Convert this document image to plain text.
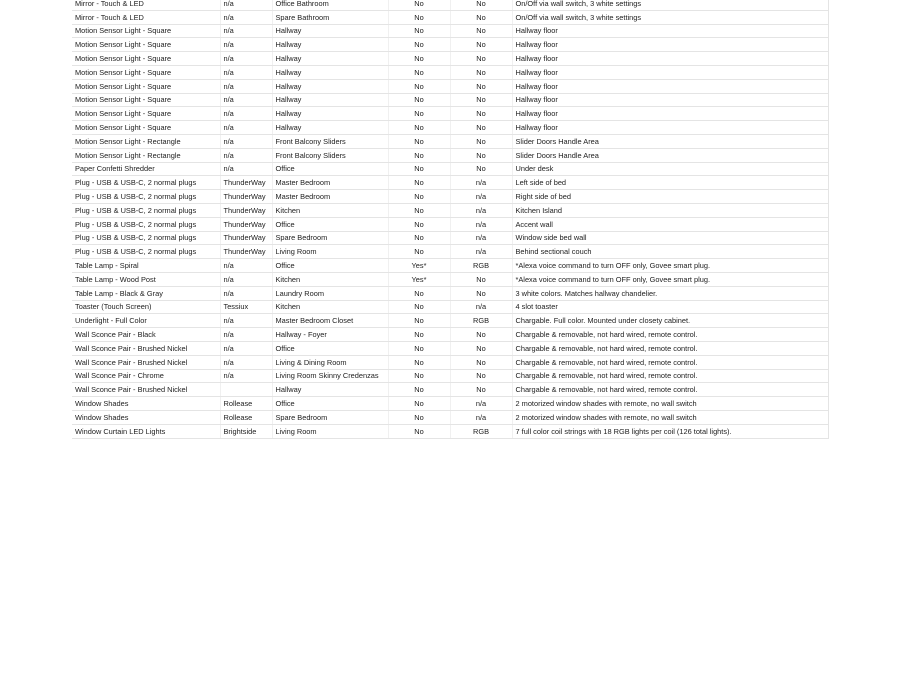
Mirror - Touch & LED	n/a	Office Bathroom	No	No	On/Off via wall switch, 3 white settings
Mirror - Touch & LED	n/a	Spare Bathroom	No	No	On/Off via wall switch, 3 white settings
Motion Sensor Light - Square	n/a	Hallway	No	No	Hallway floor
Motion Sensor Light - Square	n/a	Hallway	No	No	Hallway floor
Motion Sensor Light - Square	n/a	Hallway	No	No	Hallway floor
Motion Sensor Light - Square	n/a	Hallway	No	No	Hallway floor
Motion Sensor Light - Square	n/a	Hallway	No	No	Hallway floor
Motion Sensor Light - Square	n/a	Hallway	No	No	Hallway floor
Motion Sensor Light - Square	n/a	Hallway	No	No	Hallway floor
Motion Sensor Light - Square	n/a	Hallway	No	No	Hallway floor
Motion Sensor Light - Rectangle	n/a	Front Balcony Sliders	No	No	Slider Doors Handle Area
Motion Sensor Light - Rectangle	n/a	Front Balcony Sliders	No	No	Slider Doors Handle Area
Paper Confetti Shredder	n/a	Office	No	No	Under desk
Plug - USB & USB-C, 2 normal plugs	ThunderWay	Master Bedroom	No	n/a	Left side of bed
Plug - USB & USB-C, 2 normal plugs	ThunderWay	Master Bedroom	No	n/a	Right side of bed
Plug - USB & USB-C, 2 normal plugs	ThunderWay	Kitchen	No	n/a	Kitchen Island
Plug - USB & USB-C, 2 normal plugs	ThunderWay	Office	No	n/a	Accent wall
Plug - USB & USB-C, 2 normal plugs	ThunderWay	Spare Bedroom	No	n/a	Window side bed wall
Plug - USB & USB-C, 2 normal plugs	ThunderWay	Living Room	No	n/a	Behind sectional couch
Table Lamp - Spiral	n/a	Office	Yes*	RGB	*Alexa voice command to turn OFF only, Govee smart plug.
Table Lamp - Wood Post	n/a	Kitchen	Yes*	No	*Alexa voice command to turn OFF only, Govee smart plug.
Table Lamp - Black & Gray	n/a	Laundry Room	No	No	3 white colors. Matches hallway chandelier.
Toaster (Touch Screen)	Tessiux	Kitchen	No	n/a	4 slot toaster
Underlight - Full Color	n/a	Master Bedroom Closet	No	RGB	Chargable. Full color. Mounted under closety cabinet.
Wall Sconce Pair - Black	n/a	Hallway - Foyer	No	No	Chargable & removable, not hard wired, remote control.
Wall Sconce Pair - Brushed Nickel	n/a	Office	No	No	Chargable & removable, not hard wired, remote control.
Wall Sconce Pair - Brushed Nickel	n/a	Living & Dining Room	No	No	Chargable & removable, not hard wired, remote control.
Wall Sconce Pair - Chrome	n/a	Living Room Skinny Credenzas	No	No	Chargable & removable, not hard wired, remote control.
Wall Sconce Pair - Brushed Nickel		Hallway	No	No	Chargable & removable, not hard wired, remote control.
Window Shades	Rollease	Office	No	n/a	2 motorized window shades with remote, no wall switch
Window Shades	Rollease	Spare Bedroom	No	n/a	2 motorized window shades with remote, no wall switch
Window Curtain LED Lights	Brightside	Living Room	No	RGB	7 full color coil strings with 18 RGB lights per coil (126 total lights).
